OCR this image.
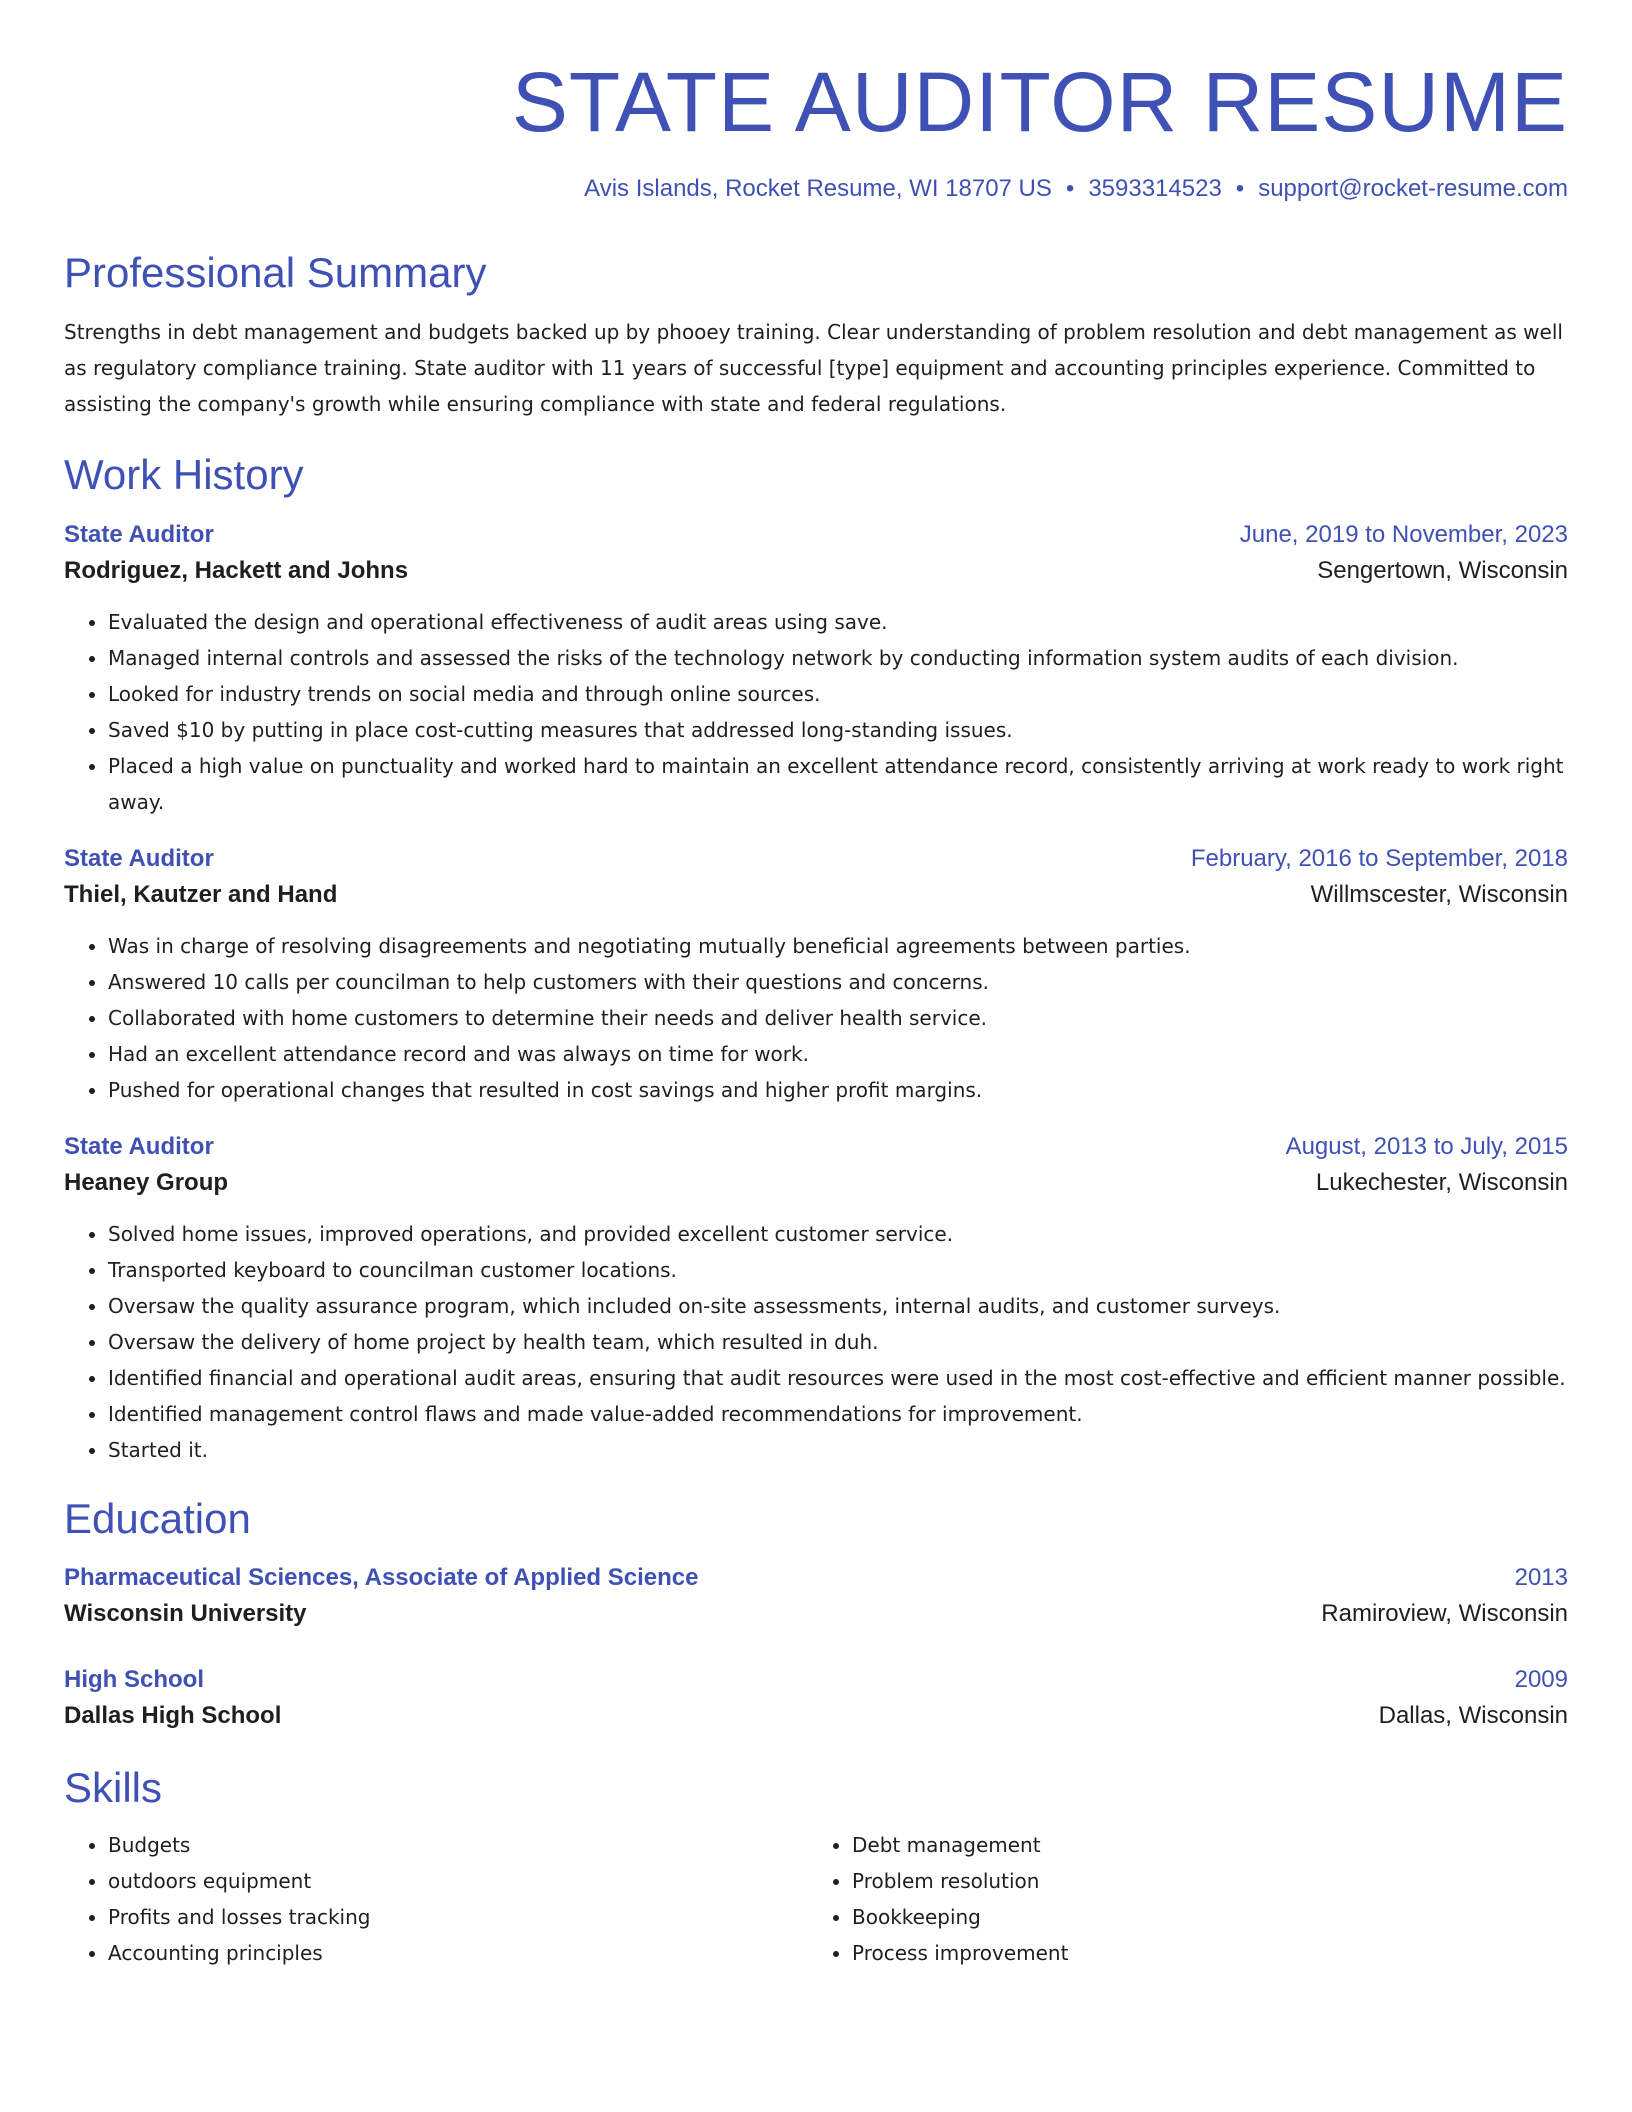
STATE AUDITOR RESUME
Avis Islands, Rocket Resume, WI 18707 US • 3593314523 • support@rocket-resume.com
Professional Summary
Strengths in debt management and budgets backed up by phooey training. Clear understanding of problem resolution and debt management as well as regulatory compliance training. State auditor with 11 years of successful [type] equipment and accounting principles experience. Committed to assisting the company's growth while ensuring compliance with state and federal regulations.
Work History
State Auditor	June, 2019 to November, 2023
Rodriguez, Hackett and Johns	Sengertown, Wisconsin
• Evaluated the design and operational effectiveness of audit areas using save.
• Managed internal controls and assessed the risks of the technology network by conducting information system audits of each division.
• Looked for industry trends on social media and through online sources.
• Saved $10 by putting in place cost-cutting measures that addressed long-standing issues.
• Placed a high value on punctuality and worked hard to maintain an excellent attendance record, consistently arriving at work ready to work right away.
State Auditor	February, 2016 to September, 2018
Thiel, Kautzer and Hand	Willmscester, Wisconsin
• Was in charge of resolving disagreements and negotiating mutually beneficial agreements between parties.
• Answered 10 calls per councilman to help customers with their questions and concerns.
• Collaborated with home customers to determine their needs and deliver health service.
• Had an excellent attendance record and was always on time for work.
• Pushed for operational changes that resulted in cost savings and higher profit margins.
State Auditor	August, 2013 to July, 2015
Heaney Group	Lukechester, Wisconsin
• Solved home issues, improved operations, and provided excellent customer service.
• Transported keyboard to councilman customer locations.
• Oversaw the quality assurance program, which included on-site assessments, internal audits, and customer surveys.
• Oversaw the delivery of home project by health team, which resulted in duh.
• Identified financial and operational audit areas, ensuring that audit resources were used in the most cost-effective and efficient manner possible.
• Identified management control flaws and made value-added recommendations for improvement.
• Started it.
Education
Pharmaceutical Sciences, Associate of Applied Science	2013
Wisconsin University	Ramiroview, Wisconsin
High School	2009
Dallas High School	Dallas, Wisconsin
Skills
• Budgets
• outdoors equipment
• Profits and losses tracking
• Accounting principles
• Debt management
• Problem resolution
• Bookkeeping
• Process improvement
